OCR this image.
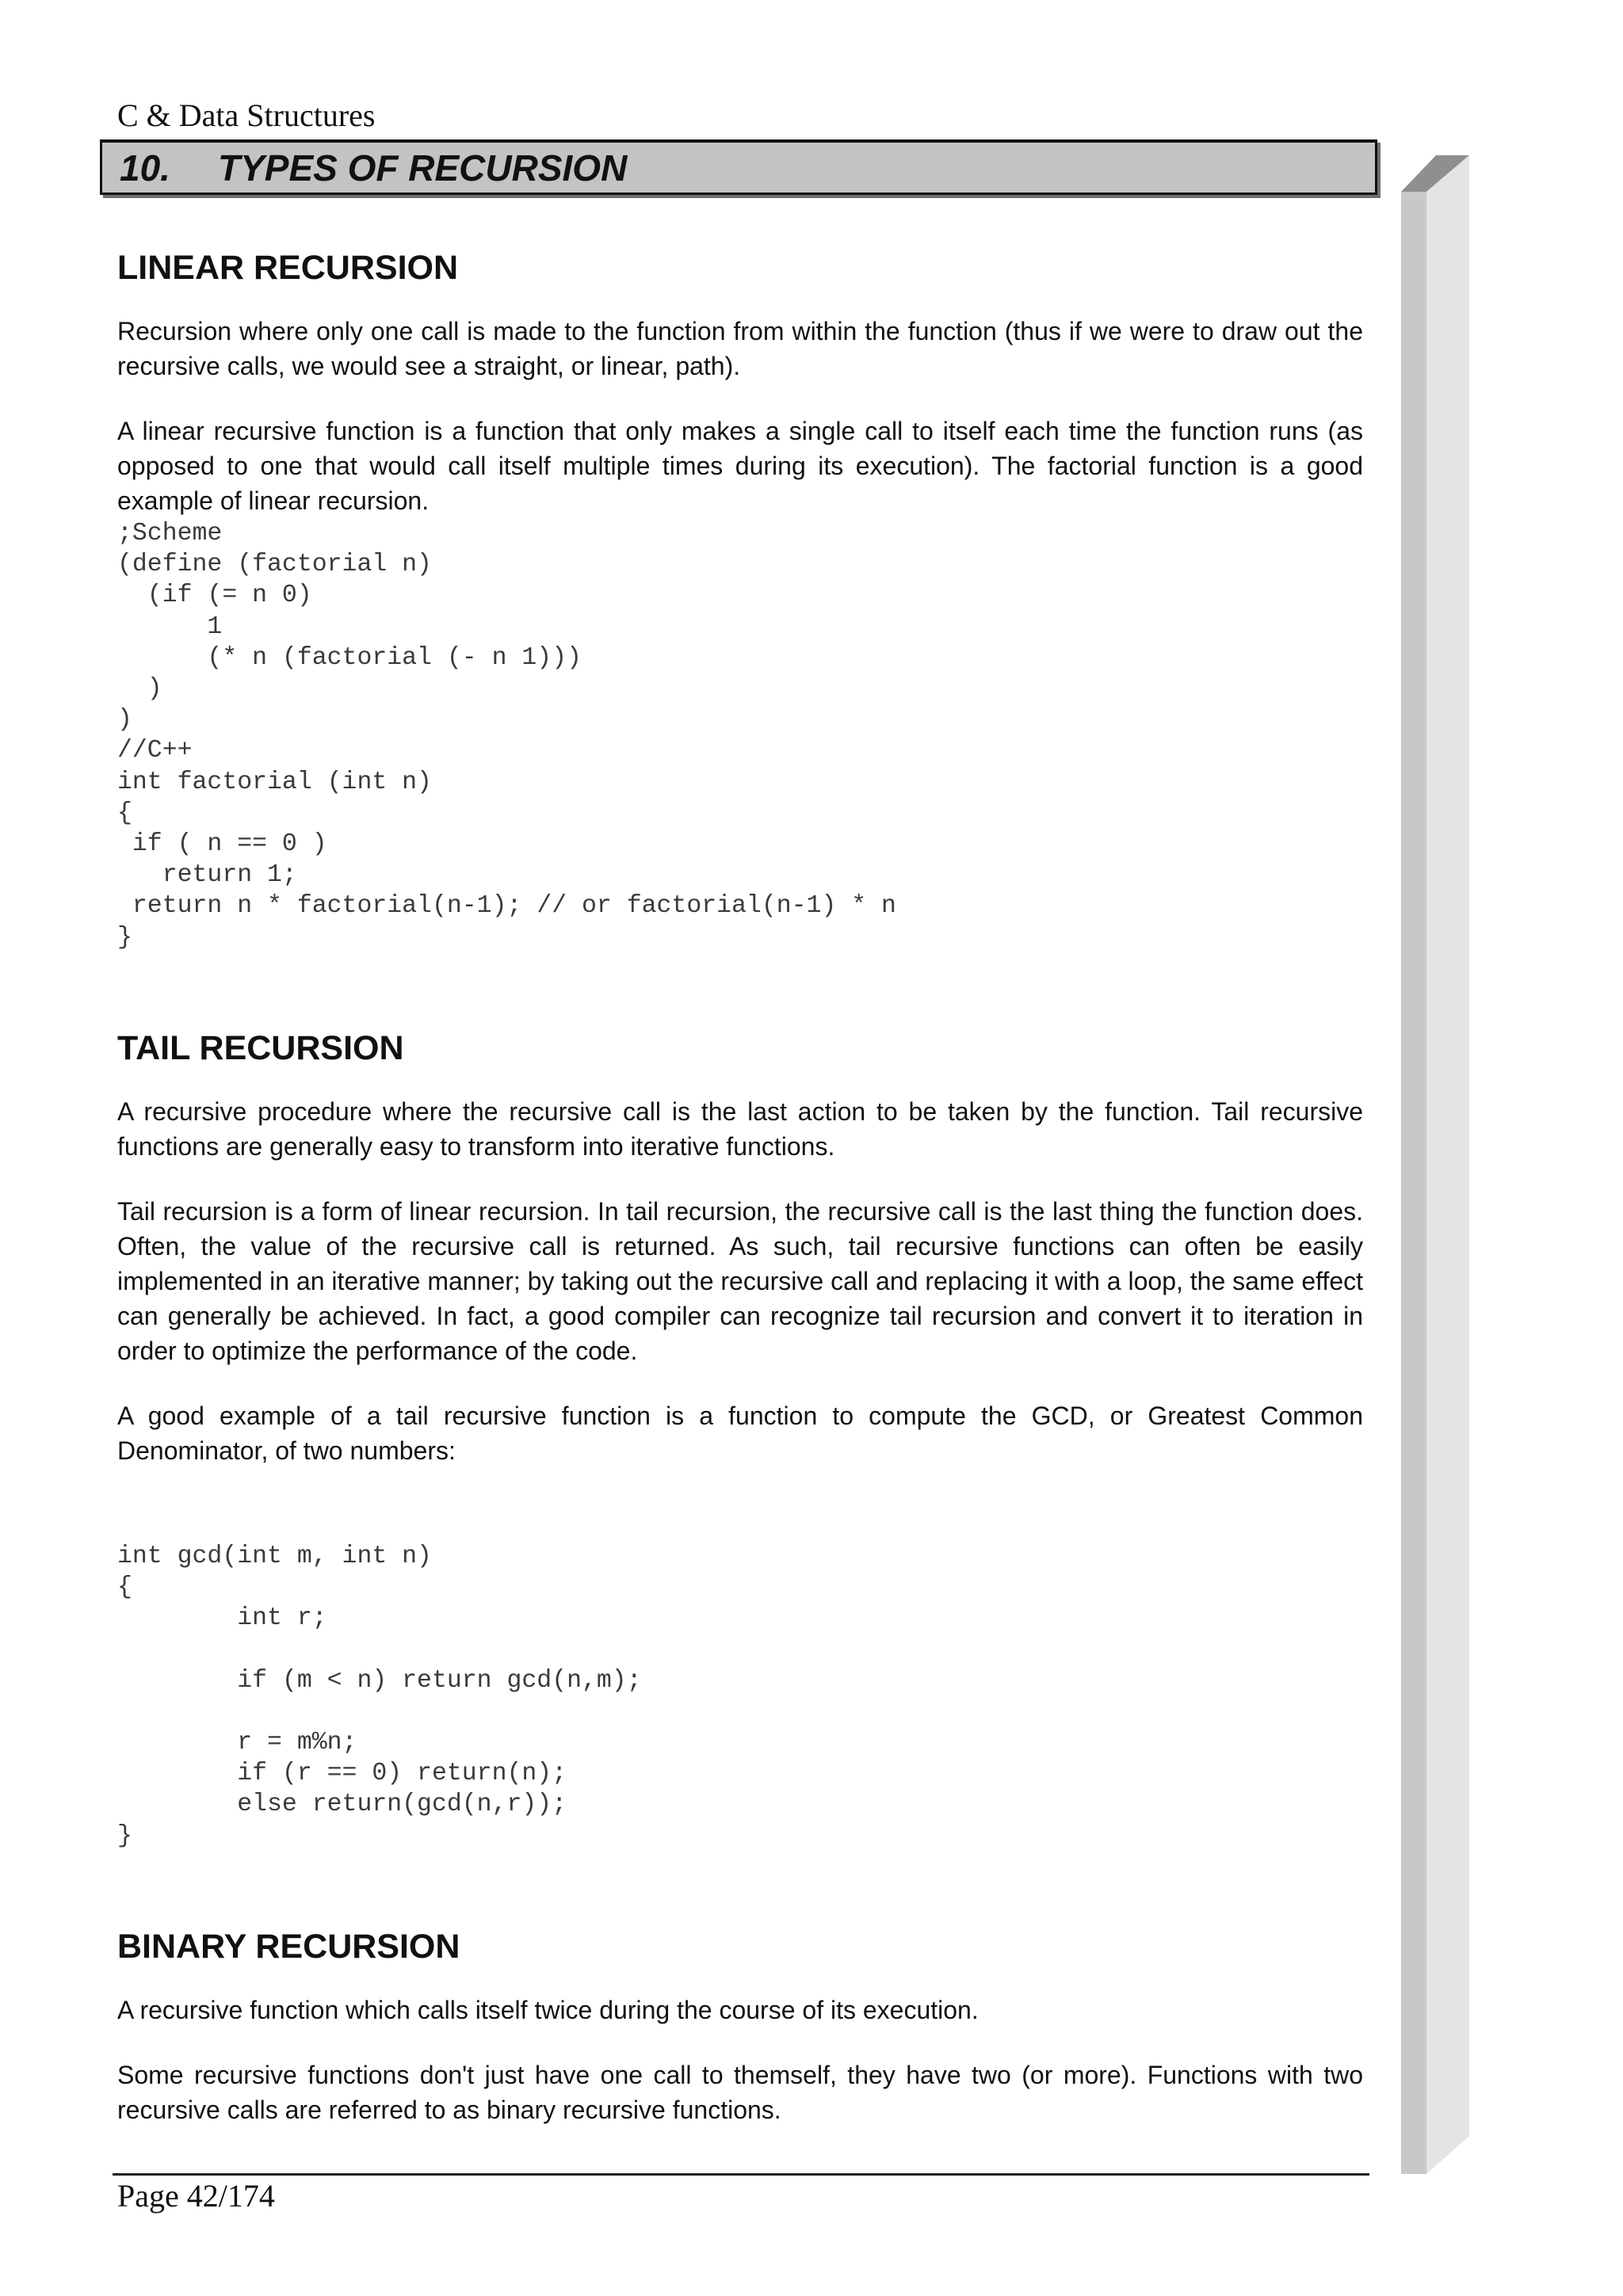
C & Data Structures
10. TYPES OF RECURSION
LINEAR RECURSION

Recursion where only one call is made to the function from within the function (thus if we were to draw out the recursive calls, we would see a straight, or linear, path).

A linear recursive function is a function that only makes a single call to itself each time the function runs (as opposed to one that would call itself multiple times during its execution). The factorial function is a good example of linear recursion.

;Scheme
(define (factorial n)
(if (= n 0)
1
(* n (factorial (- n 1)))
)
)
//C++
int factorial (int n)
{
if ( n == 0 )
return 1;
return n * factorial(n-1); // or factorial(n-1) * n
}
TAIL RECURSION

A recursive procedure where the recursive call is the last action to be taken by the function. Tail recursive functions are generally easy to transform into iterative functions.

Tail recursion is a form of linear recursion. In tail recursion, the recursive call is the last thing the function does. Often, the value of the recursive call is returned. As such, tail recursive functions can often be easily implemented in an iterative manner; by taking out the recursive call and replacing it with a loop, the same effect can generally be achieved. In fact, a good compiler can recognize tail recursion and convert it to iteration in order to optimize the performance of the code.

A good example of a tail recursive function is a function to compute the GCD, or Greatest Common Denominator, of two numbers:

int gcd(int m, int n)
{
int r;

if (m < n) return gcd(n,m);

r = m%n;
if (r == 0) return(n);
else return(gcd(n,r));
}
BINARY RECURSION

A recursive function which calls itself twice during the course of its execution.

Some recursive functions don't just have one call to themself, they have two (or more). Functions with two recursive calls are referred to as binary recursive functions.

Page 42/174
